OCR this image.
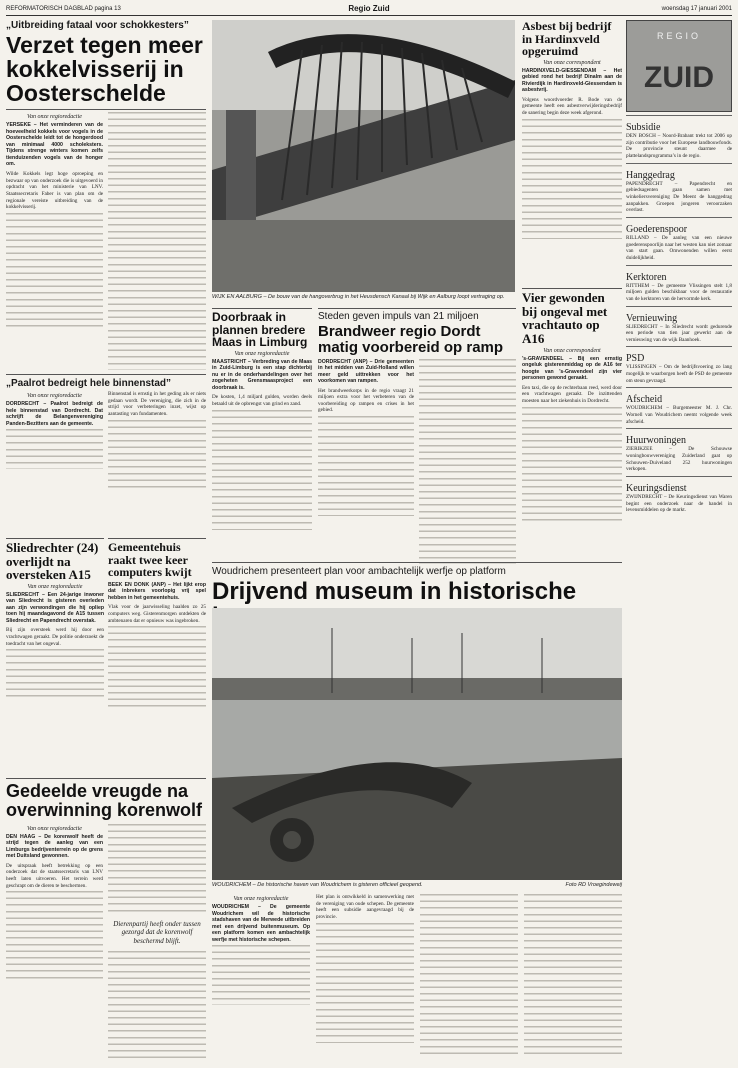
REFORMATORISCH DAGBLAD pagina 13	Regio Zuid	woensdag 17 januari 2001
„Uitbreiding fataal voor schokkesters”
Verzet tegen meer kokkelvisserij in Oosterschelde
Van onze regioredactie
YERSEKE – Het verminderen van de hoeveelheid kokkels voor vogels in de Oosterschelde leidt tot de hongerdood van minimaal 4000 scholeksters. Tijdens strenge winters komen zelfs tienduizenden vogels van de honger om.
Wilde Kokkels legt hoge oproeping en bezwaar op van onderzoek die is uitgevoerd in opdracht van het ministerie van LNV. Staatssecretaris Faber is van plan om de regionale vereiste uitbreiding van de kokkelvisserij.
WIJK EN AALBURG – De bouw van de hangoverbrug in het Heusdensch Kanaal bij Wijk en Aalburg loopt vertraging op.
Asbest bij bedrijf in Hardinxveld opgeruimd
Van onze correspondent
HARDINXVELD-GIESSENDAM – Het gebied rond het bedrijf Dinalm aan de Rivierdijk in Hardinxveld-Giessendam is asbestvrij.
Volgens woordvoerder R. Bode van de gemeente heeft een asbestverwijderingsbedrijf de sanering begin deze week afgerond.
Vier gewonden bij ongeval met vrachtauto op A16
Van onze correspondent
’s-GRAVENDEEL – Bij een ernstig ongeluk gisterenmiddag op de A16 ter hoogte van ’s-Gravendeel zijn vier personen gewond geraakt.
Een taxi, die op de rechterbaan reed, werd door een vrachtwagen geraakt. De inzittenden moesten naar het ziekenhuis in Dordrecht.
„Paalrot bedreigt hele binnenstad”
Van onze regioredactie
DORDRECHT – Paalrot bedreigt de hele binnenstad van Dordrecht. Dat schrijft de Belangenvereniging Panden-Bezitters aan de gemeente.
Binnenstad is ernstig in het geding als er niets gedaan wordt. De vereniging, die zich in de strijd voor verbeteringen inzet, wijst op aantasting van fundamenten.
Doorbraak in plannen bredere Maas in Limburg
Van onze regioredactie
MAASTRICHT – Verbreding van de Maas in Zuid-Limburg is een stap dichterbij nu er in de onderhandelingen over het zogeheten Grensmaasproject een doorbraak is.
De kosten, 1,4 miljard gulden, worden deels betaald uit de opbrengst van grind en zand.
Steden geven impuls van 21 miljoen
Brandweer regio Dordt matig voorbereid op ramp
DORDRECHT (ANP) – Drie gemeenten in het midden van Zuid-Holland willen meer geld uittrekken voor het voorkomen van rampen.
Het brandweerkorps in de regio vraagt 21 miljoen extra voor het verbeteren van de voorbereiding op rampen en crises in het gebied.
Sliedrechter (24) overlijdt na oversteken A15
Van onze regioredactie
SLIEDRECHT – Een 24-jarige inwoner van Sliedrecht is gisteren overleden aan zijn verwondingen die hij opliep toen hij maandagavond de A15 tussen Sliedrecht en Papendrecht overstak.
Bij zijn oversteek werd hij door een vrachtwagen geraakt. De politie onderzoekt de toedracht van het ongeval.
Gemeentehuis raakt twee keer computers kwijt
BEEK EN DONK (ANP) – Het lijkt erop dat inbrekers voorlopig vrij spel hebben in het gemeentehuis.
Vlak voor de jaarwisseling haalden zo 25 computers weg. Gisterenmorgen ontdekten de ambtenaren dat er opnieuw was ingebroken.
Woudrichem presenteert plan voor ambachtelijk werfje op platform
Drijvend museum in historische
WOUDRICHEM – De historische haven van Woudrichem is gisteren officieel geopend.	Foto RD Vroegindeweij
Van onze regioredactie
WOUDRICHEM – De gemeente Woudrichem wil de historische stadshaven van de Merwede uitbreiden met een drijvend buitenmuseum. Op een platform komen een ambachtelijk werfje met historische schepen.
Het plan is ontwikkeld in samenwerking met de vereniging van oude schepen. De gemeente heeft een subsidie aangevraagd bij de provincie.
Gedeelde vreugde na overwinning korenwolf
Van onze regioredactie
DEN HAAG – De korenwolf heeft de strijd tegen de aanleg van een Limburgs bedrijventerrein op de grens met Duitsland gewonnen.
De uitspraak heeft betrekking op een onderzoek dat de staatssecretaris van LNV heeft laten uitvoeren. Het terrein werd geschrapt om de dieren te beschermen.
Dierenpartij heeft onder tussen gezorgd dat de korenwolf beschermd blijft.
REGIO
ZUID
Subsidie
DEN BOSCH – Noord-Brabant trekt tot 2006 op zijn contributie voor het Europese landbouwfonds. De provincie steunt daarmee de plattelandsprogramma’s in de regio.
Hanggedrag
PAPENDRECHT – Papendrecht en gebiedsagenten gaan samen met winkeliersvereniging De Meent de hanggedrag aanpakken. Groepen jongeren veroorzaken overlast.
Goederenspoor
RILLAND – De aanleg van een nieuwe goederenspoorlijn naar het westen kan niet zomaar van start gaan. Omwonenden willen eerst duidelijkheid.
Kerktoren
RITTHEM – De gemeente Vlissingen stelt 1,8 miljoen gulden beschikbaar voor de restauratie van de kerktoren van de hervormde kerk.
Vernieuwing
SLIEDRECHT – In Sliedrecht wordt gedurende een periode van tien jaar gewerkt aan de vernieuwing van de wijk Baanhoek.
PSD
VLISSINGEN – Om de bedrijfsvoering zo lang mogelijk te waarborgen heeft de PSD de gemeente om steun gevraagd.
Afscheid
WOUDRICHEM – Burgemeester M. J. Chr. Wornell van Woudrichem neemt volgende week afscheid.
Huurwoningen
ZIERIKZEE – De Schouwse woningbouwvereniging Zuiderland gaat op Schouwen-Duiveland 252 huurwoningen verkopen.
Keuringsdienst
ZWIJNDRECHT – De Keuringsdienst van Waren begint een onderzoek naar de handel in levensmiddelen op de markt.
